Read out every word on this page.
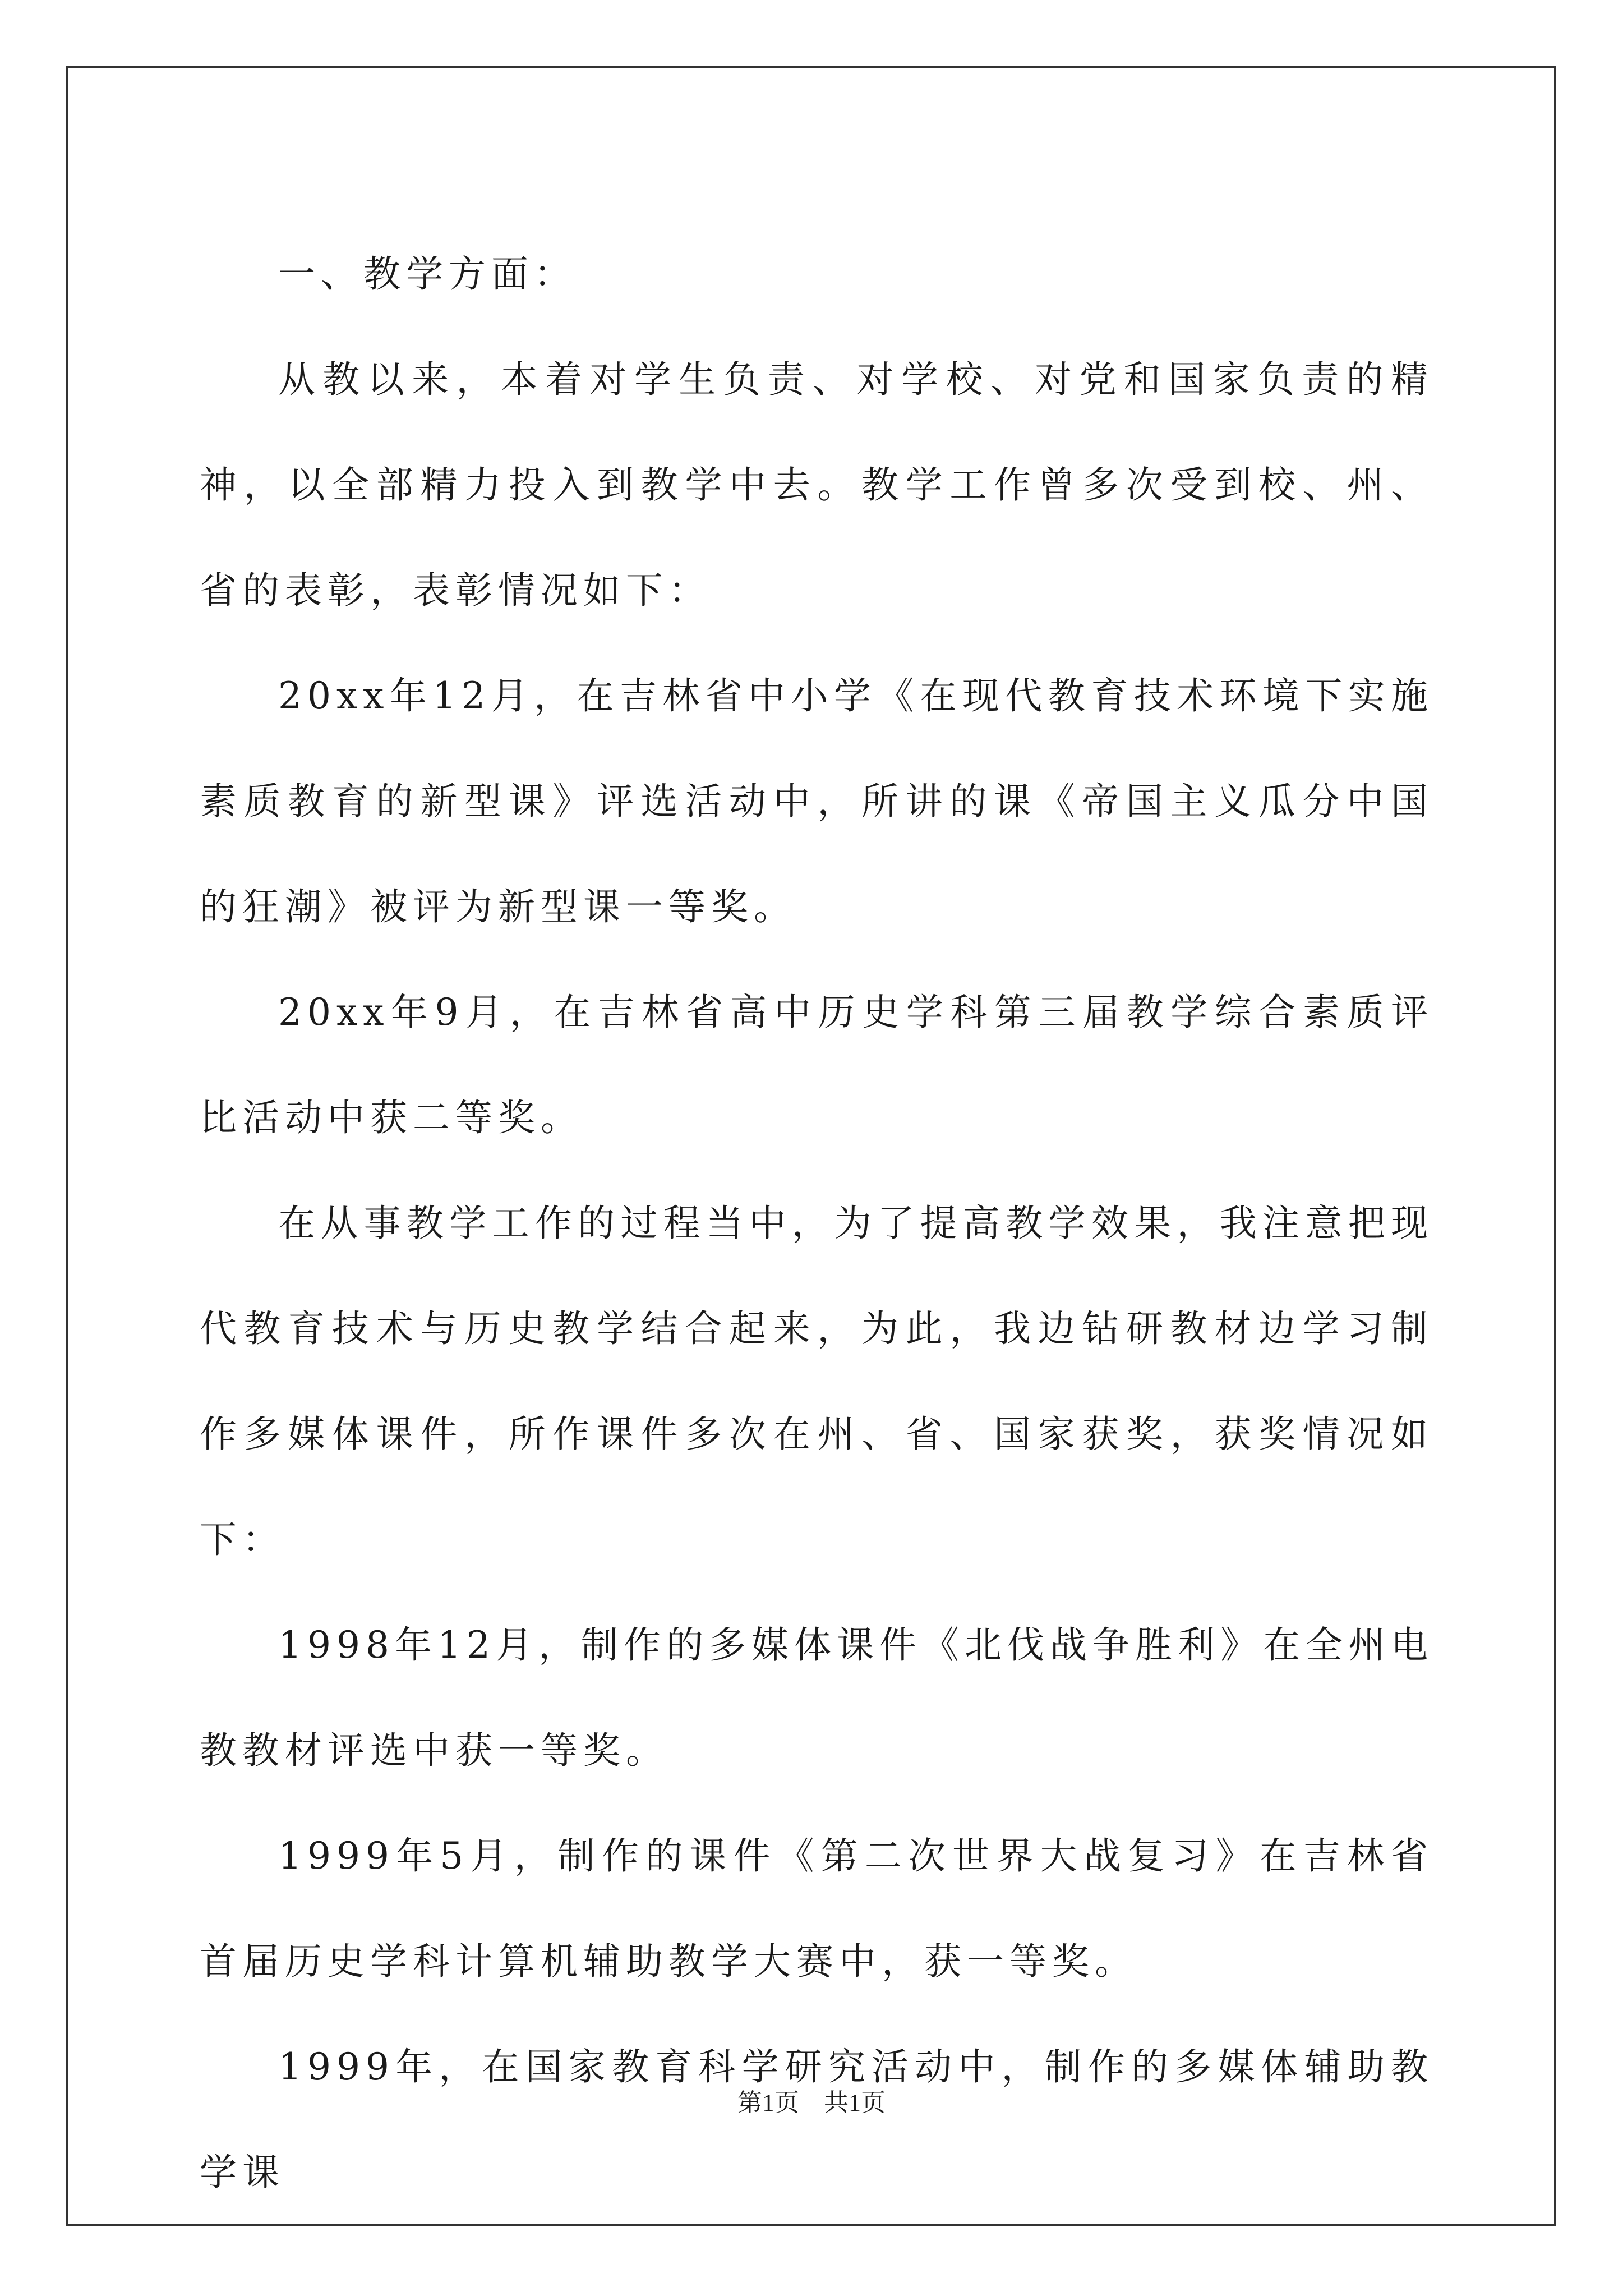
一、教学方面：

从教以来，本着对学生负责、对学校、对党和国家负责的精神，以全部精力投入到教学中去。教学工作曾多次受到校、州、省的表彰，表彰情况如下：

20xx年12月，在吉林省中小学《在现代教育技术环境下实施素质教育的新型课》评选活动中，所讲的课《帝国主义瓜分中国的狂潮》被评为新型课一等奖。

20xx年9月，在吉林省高中历史学科第三届教学综合素质评比活动中获二等奖。

在从事教学工作的过程当中，为了提高教学效果，我注意把现代教育技术与历史教学结合起来，为此，我边钻研教材边学习制作多媒体课件，所作课件多次在州、省、国家获奖，获奖情况如下：

1998年12月，制作的多媒体课件《北伐战争胜利》在全州电教教材评选中获一等奖。

1999年5月，制作的课件《第二次世界大战复习》在吉林省首届历史学科计算机辅助教学大赛中，获一等奖。

1999年，在国家教育科学研究活动中，制作的多媒体辅助教学课

第1页　共1页
